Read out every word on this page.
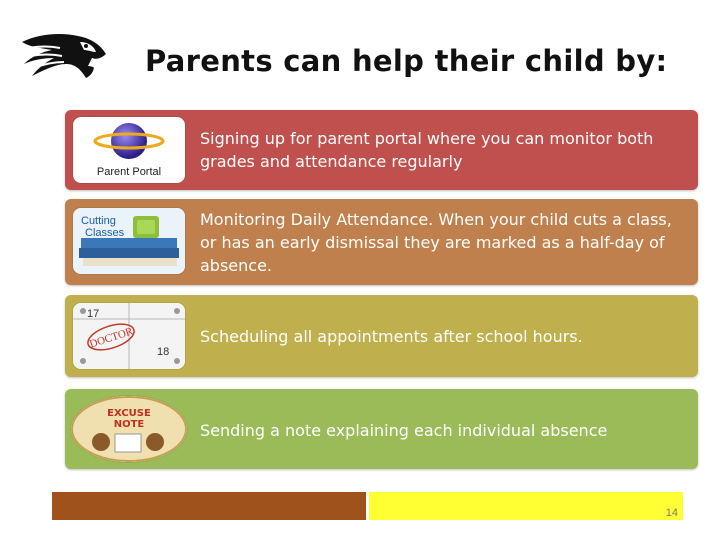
Parents can help their child by:
Parent Portal
Signing up for parent portal where you can monitor both grades and attendance regularly
Cutting
Classes
Monitoring Daily Attendance. When your child cuts a class, or has an early dismissal they are marked as a half-day of absence.
17
18
DOCTOR	Scheduling all appointments after school hours.
EXCUSE
NOTE	Sending a note explaining each individual absence
14
